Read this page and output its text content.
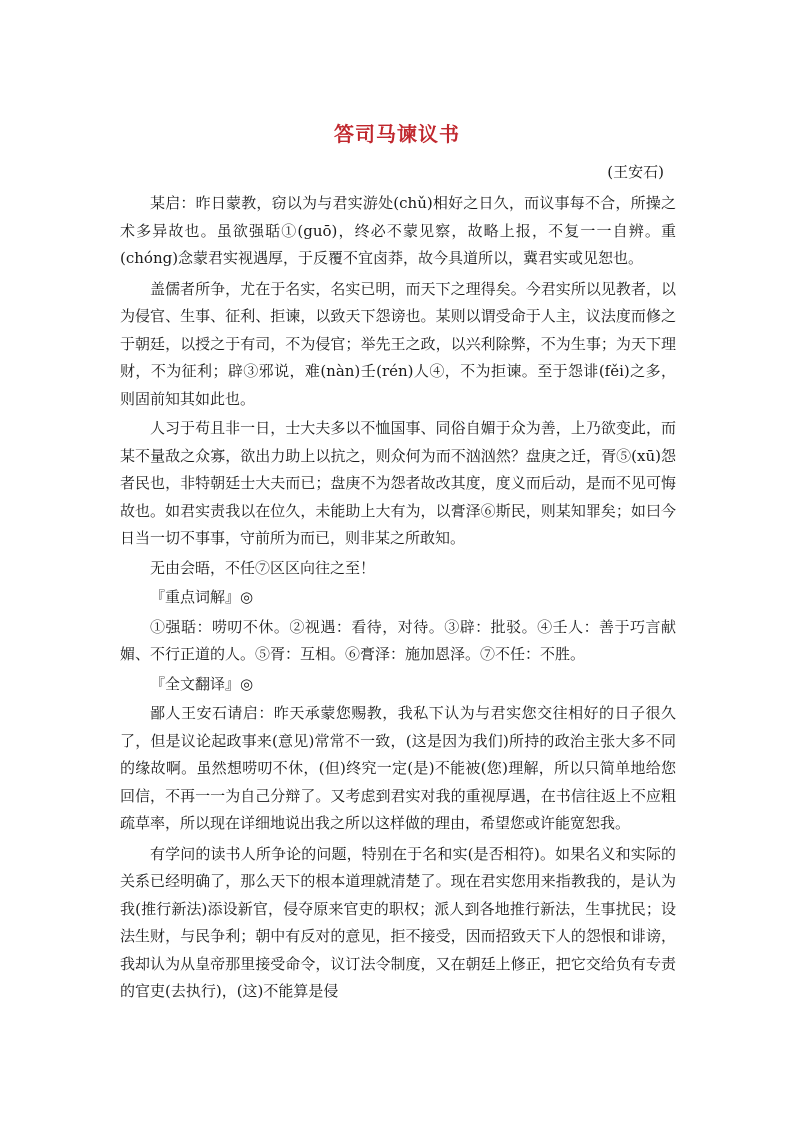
答司马谏议书
(王安石)

某启：昨日蒙教，窃以为与君实游处(chǔ)相好之日久，而议事每不合，所操之术多异故也。虽欲强聒①(guō)，终必不蒙见察，故略上报，不复一一自辨。重(chóng)念蒙君实视遇厚，于反覆不宜卤莽，故今具道所以，冀君实或见恕也。

盖儒者所争，尤在于名实，名实已明，而天下之理得矣。今君实所以见教者，以为侵官、生事、征利、拒谏，以致天下怨谤也。某则以谓受命于人主，议法度而修之于朝廷，以授之于有司，不为侵官；举先王之政，以兴利除弊，不为生事；为天下理财，不为征利；辟③邪说，难(nàn)壬(rén)人④，不为拒谏。至于怨诽(fěi)之多，则固前知其如此也。

人习于苟且非一日，士大夫多以不恤国事、同俗自媚于众为善，上乃欲变此，而某不量敌之众寡，欲出力助上以抗之，则众何为而不汹汹然？盘庚之迁，胥⑤(xū)怨者民也，非特朝廷士大夫而已；盘庚不为怨者故改其度，度义而后动，是而不见可悔故也。如君实责我以在位久，未能助上大有为，以膏泽⑥斯民，则某知罪矣；如曰今日当一切不事事，守前所为而已，则非某之所敢知。

无由会晤，不任⑦区区向往之至！

『重点词解』◎

①强聒：唠叨不休。②视遇：看待，对待。③辟：批驳。④壬人：善于巧言献媚、不行正道的人。⑤胥：互相。⑥膏泽：施加恩泽。⑦不任：不胜。

『全文翻译』◎

鄙人王安石请启：昨天承蒙您赐教，我私下认为与君实您交往相好的日子很久了，但是议论起政事来(意见)常常不一致，(这是因为我们)所持的政治主张大多不同的缘故啊。虽然想唠叨不休，(但)终究一定(是)不能被(您)理解，所以只简单地给您回信，不再一一为自己分辩了。又考虑到君实对我的重视厚遇，在书信往返上不应粗疏草率，所以现在详细地说出我之所以这样做的理由，希望您或许能宽恕我。

有学问的读书人所争论的问题，特别在于名和实(是否相符)。如果名义和实际的关系已经明确了，那么天下的根本道理就清楚了。现在君实您用来指教我的，是认为我(推行新法)添设新官，侵夺原来官吏的职权；派人到各地推行新法，生事扰民；设法生财，与民争利；朝中有反对的意见，拒不接受，因而招致天下人的怨恨和诽谤，我却认为从皇帝那里接受命令，议订法令制度，又在朝廷上修正，把它交给负有专责的官吏(去执行)，(这)不能算是侵
